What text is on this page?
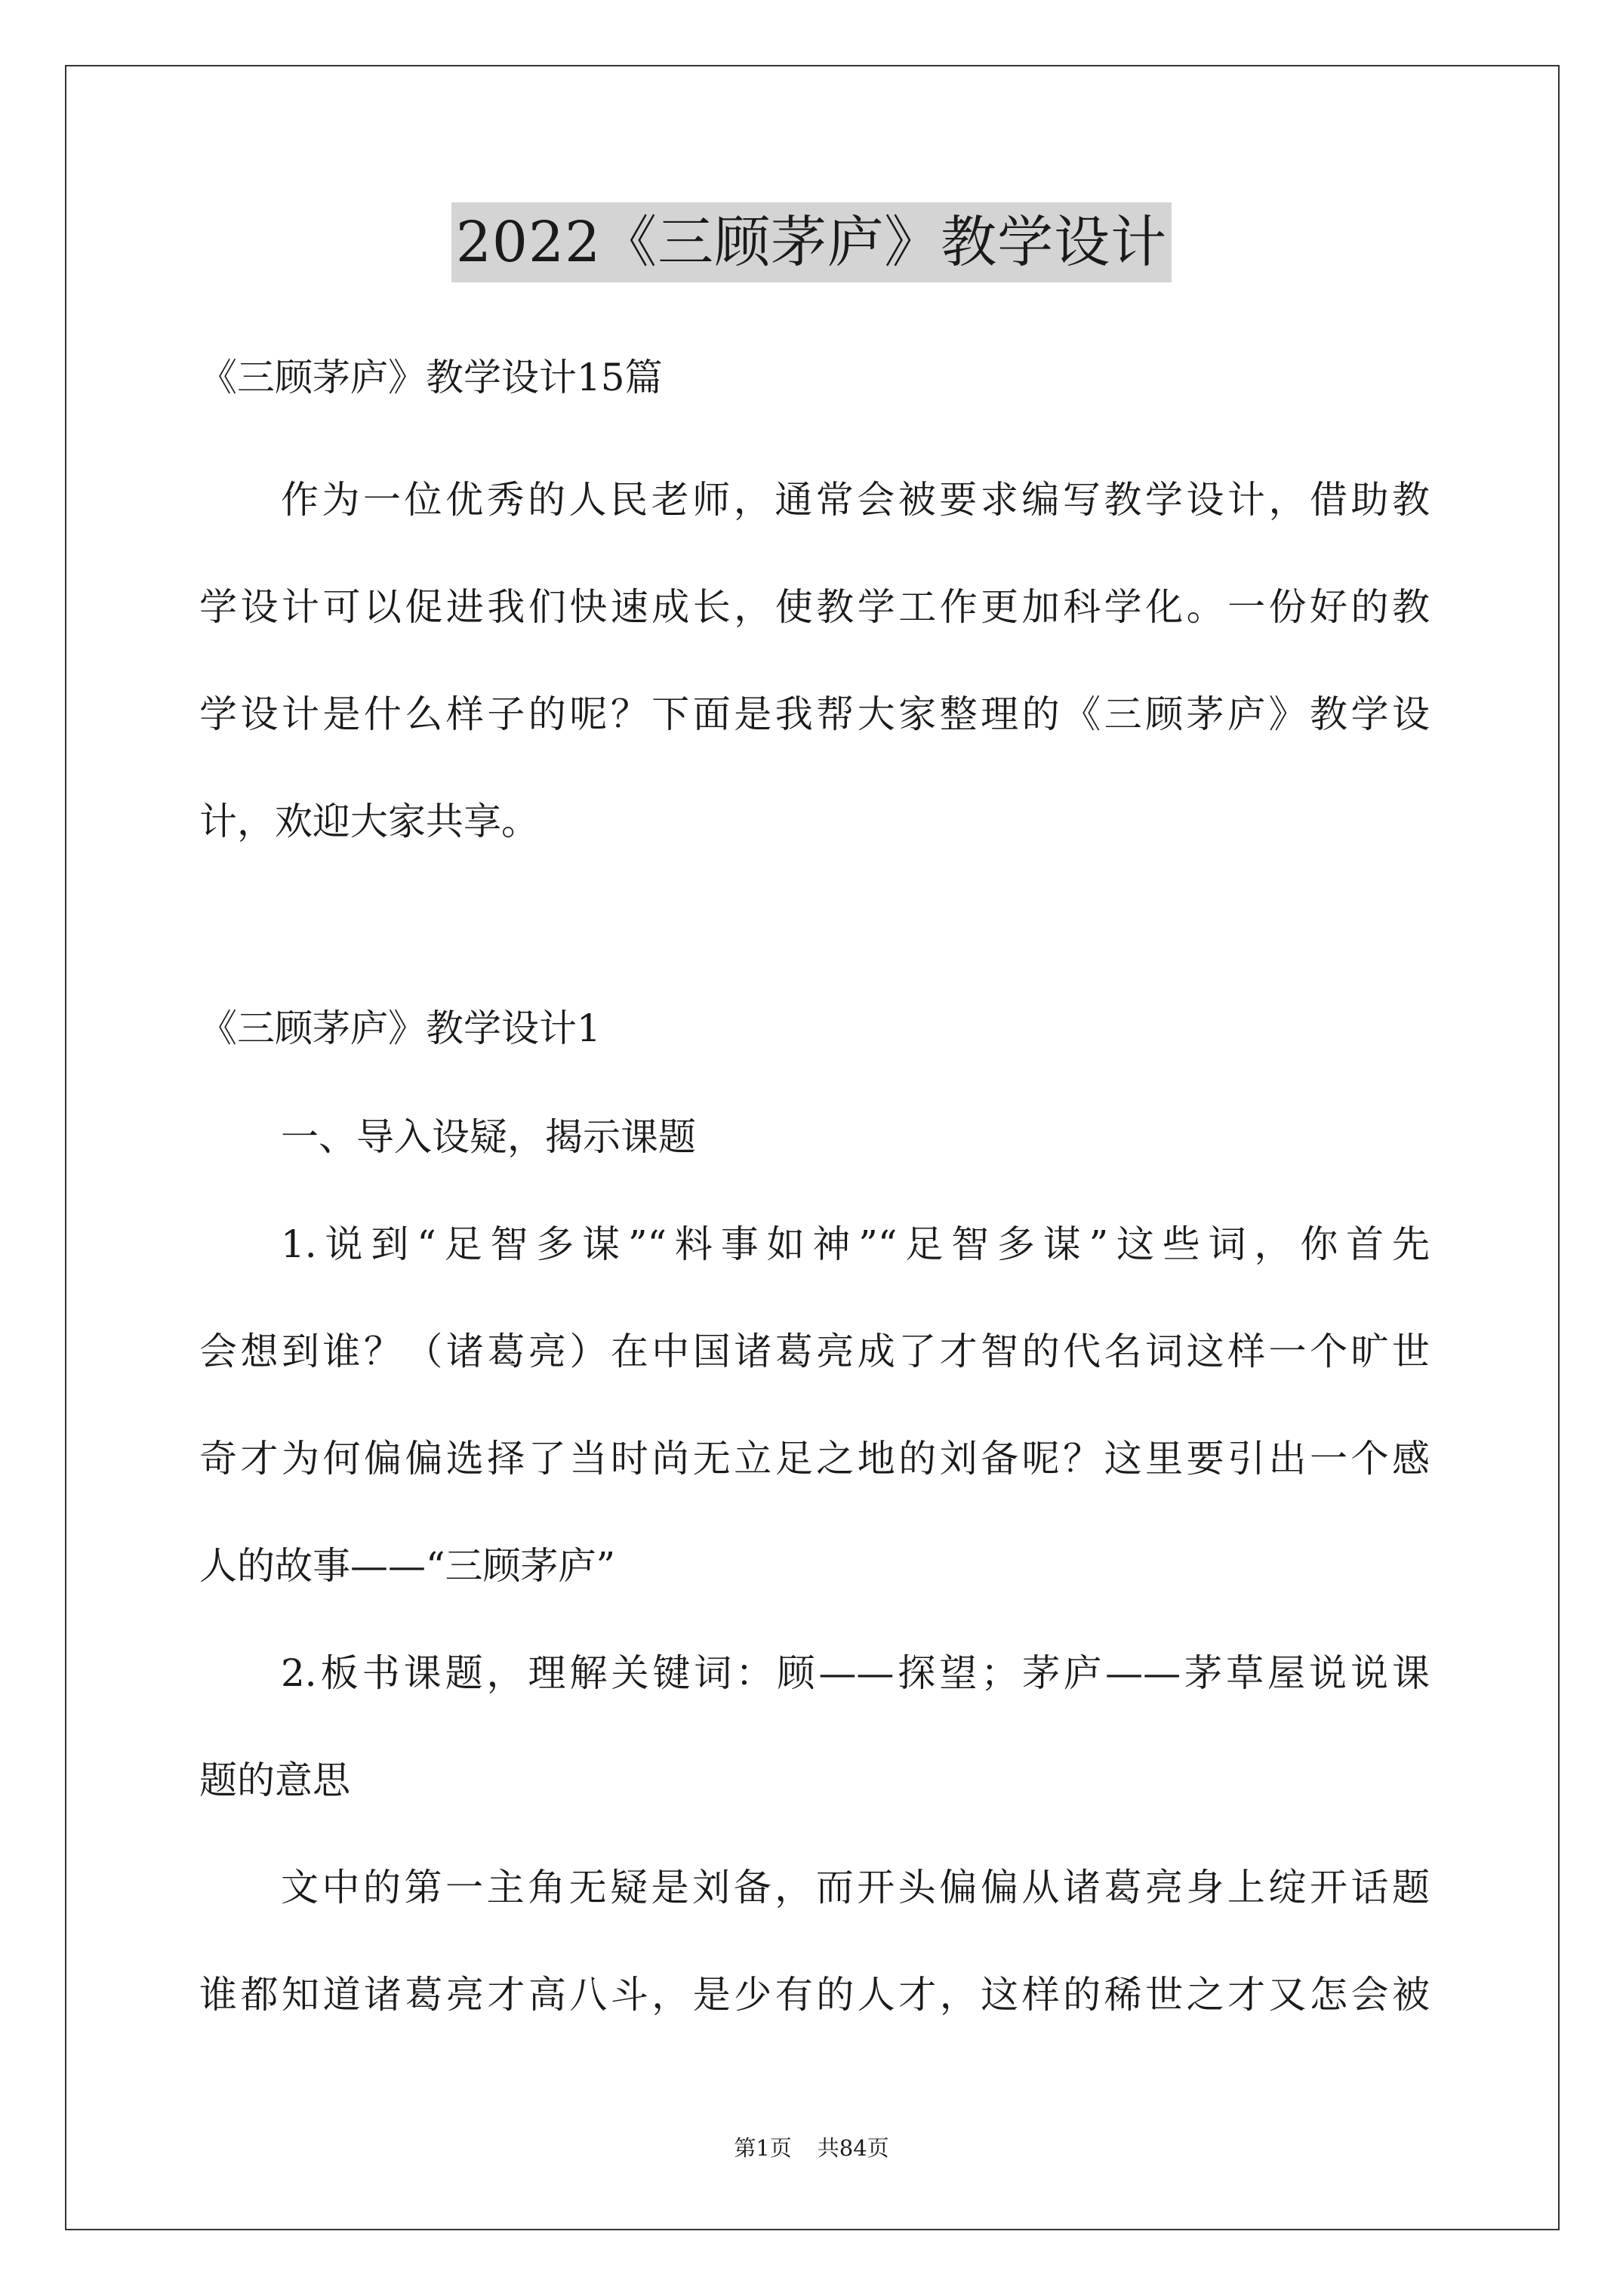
2022《三顾茅庐》教学设计
《三顾茅庐》教学设计15篇
作为一位优秀的人民老师，通常会被要求编写教学设计，借助教
学设计可以促进我们快速成长，使教学工作更加科学化。一份好的教
学设计是什么样子的呢？下面是我帮大家整理的《三顾茅庐》教学设
计，欢迎大家共享。
《三顾茅庐》教学设计1
一、导入设疑，揭示课题
1.说到“足智多谋”“料事如神”“足智多谋”这些词，你首先
会想到谁？（诸葛亮）在中国诸葛亮成了才智的代名词这样一个旷世
奇才为何偏偏选择了当时尚无立足之地的刘备呢？这里要引出一个感
人的故事——“三顾茅庐”
2.板书课题，理解关键词：顾——探望；茅庐——茅草屋说说课
题的意思
文中的第一主角无疑是刘备，而开头偏偏从诸葛亮身上绽开话题
谁都知道诸葛亮才高八斗，是少有的人才，这样的稀世之才又怎会被
第1页 共84页
